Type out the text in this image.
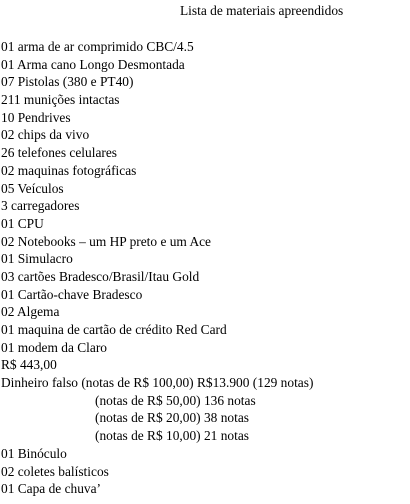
Lista de materiais apreendidos
01 arma de ar comprimido CBC/4.5
01 Arma cano Longo Desmontada
07 Pistolas (380 e PT40)
211 munições intactas
10 Pendrives
02 chips da vivo
26 telefones celulares
02 maquinas fotográficas
05 Veículos
3 carregadores
01 CPU
02 Notebooks – um HP preto e um Ace
01 Simulacro
03 cartões Bradesco/Brasil/Itau Gold
01 Cartão-chave Bradesco
02 Algema
01 maquina de cartão de crédito Red Card
01 modem da Claro
R$ 443,00
Dinheiro falso (notas de R$ 100,00) R$13.900 (129 notas)
(notas de R$ 50,00) 136 notas
(notas de R$ 20,00) 38 notas
(notas de R$ 10,00) 21 notas
01 Binóculo
02 coletes balísticos
01 Capa de chuva’
